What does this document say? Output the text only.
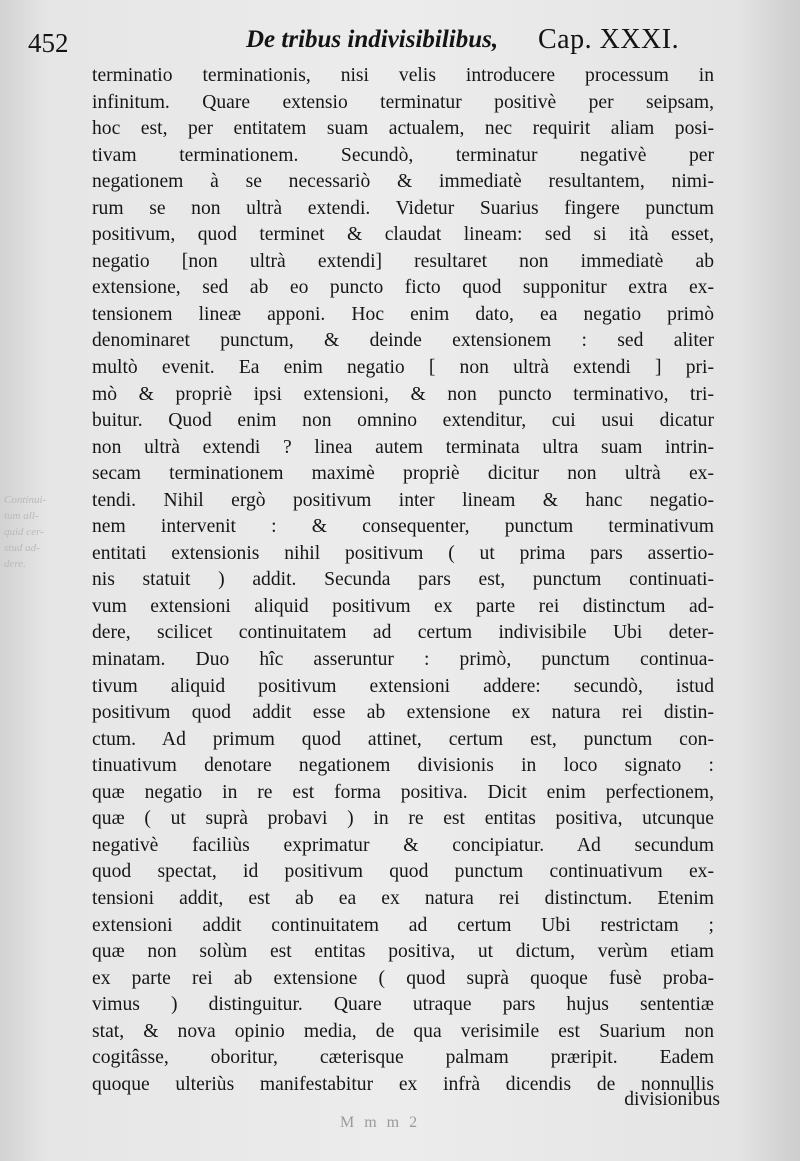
452	De tribus indivisibilibus, Cap. XXXI.
Continui-
tum all-
quid cer-
stud ad-
dere.
terminatio terminationis, nisi velis introducere processum in
infinitum. Quare extensio terminatur positivè per seipsam,
hoc est, per entitatem suam actualem, nec requirit aliam posi-
tivam terminationem. Secundò, terminatur negativè per
negationem à se necessariò & immediatè resultantem, nimi-
rum se non ultrà extendi. Videtur Suarius fingere punctum
positivum, quod terminet & claudat lineam: sed si ità esset,
negatio [non ultrà extendi] resultaret non immediatè ab
extensione, sed ab eo puncto ficto quod supponitur extra ex-
tensionem lineæ apponi. Hoc enim dato, ea negatio primò
denominaret punctum, & deinde extensionem : sed aliter
multò evenit. Ea enim negatio [ non ultrà extendi ] pri-
mò & propriè ipsi extensioni, & non puncto terminativo, tri-
buitur. Quod enim non omnino extenditur, cui usui dicatur
non ultrà extendi ? linea autem terminata ultra suam intrin-
secam terminationem maximè propriè dicitur non ultrà ex-
tendi. Nihil ergò positivum inter lineam & hanc negatio-
nem intervenit : & consequenter, punctum terminativum
entitati extensionis nihil positivum ( ut prima pars assertio-
nis statuit ) addit. Secunda pars est, punctum continuati-
vum extensioni aliquid positivum ex parte rei distinctum ad-
dere, scilicet continuitatem ad certum indivisibile Ubi deter-
minatam. Duo hîc asseruntur : primò, punctum continua-
tivum aliquid positivum extensioni addere: secundò, istud
positivum quod addit esse ab extensione ex natura rei distin-
ctum. Ad primum quod attinet, certum est, punctum con-
tinuativum denotare negationem divisionis in loco signato :
quæ negatio in re est forma positiva. Dicit enim perfectionem,
quæ ( ut suprà probavi ) in re est entitas positiva, utcunque
negativè faciliùs exprimatur & concipiatur. Ad secundum
quod spectat, id positivum quod punctum continuativum ex-
tensioni addit, est ab ea ex natura rei distinctum. Etenim
extensioni addit continuitatem ad certum Ubi restrictam ;
quæ non solùm est entitas positiva, ut dictum, verùm etiam
ex parte rei ab extensione ( quod suprà quoque fusè proba-
vimus ) distinguitur. Quare utraque pars hujus sententiæ
stat, & nova opinio media, de qua verisimile est Suarium non
cogitâsse, oboritur, cæterisque palmam præripit. Eadem
quoque ulteriùs manifestabitur ex infrà dicendis de nonnullis
divisionibus
M m m 2
